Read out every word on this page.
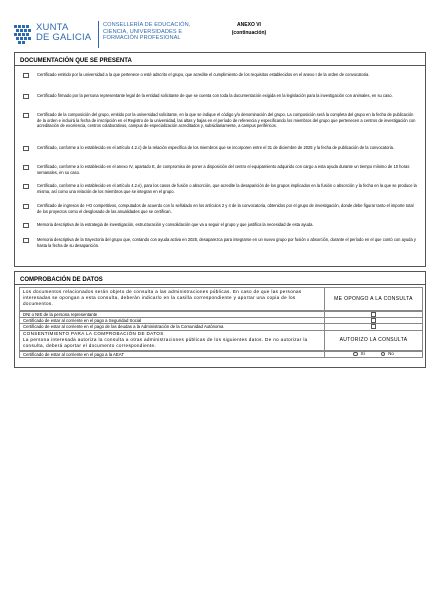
XUNTA
DE GALICIA
CONSELLERÍA DE EDUCACIÓN,
CIENCIA, UNIVERSIDADES E
FORMACIÓN PROFESIONAL
ANEXO VI
(continuación)
DOCUMENTACIÓN QUE SE PRESENTA
Certificado emitido por la universidad a la que pertenece o esté adscrito el grupo, que acredite el cumplimiento de los requisitos establecidos en el anexo I de la orden de convocatoria.
Certificado firmado por la persona representante legal de la entidad solicitante de que se cuenta con toda la documentación exigida en la legislación para la investigación con animales, en su caso.
Certificado de la composición del grupo, emitido por la universidad solicitante, en la que se indique el código y/o denominación del grupo. La composición será la completa del grupo en la fecha de publicación de la orden e incluirá la fecha de inscripción en el Registro de la universidad, las altas y bajas en el período de referencia y especificando los miembros del grupo que pertenecen a centros de investigación con acreditación de excelencia, centros colaborativos, campus de especialización acreditados y, subsidiariamente, a campus periféricos.
Certificado, conforme a lo establecido en el artículo 4.2.c) de la relación específica de los miembros que se incorporen entre el 31 de diciembre de 2025 y la fecha de publicación de la convocatoria.
Certificado, conforme a lo establecido en el anexo IV, apartado E, de compromiso de poner a disposición del centro el equipamiento adquirido con cargo a esta ayuda durante un tiempo mínimo de 10 horas semanales, en su caso.
Certificado, conforme a lo establecido en el artículo 4.2.e), para los casos de fusión o absorción, que acredite la desaparición de los grupos implicados en la fusión o absorción y la fecha en la que se produce la misma, así como una relación de los miembros que se integran en el grupo.
Certificado de ingresos de I+D competitivos, computados de acuerdo con lo señalado en los artículos 2 y 4 de la convocatoria, obtenidos por el grupo de investigación, donde debe figurar tanto el importe total de los proyectos como el desglosado de las anualidades que se certifican.
Memoria descriptiva de la estrategia de investigación, estructuración y consolidación que va a seguir el grupo y que justifica la necesidad de esta ayuda.
Memoria descriptiva de la trayectoria del grupo que, contando con ayuda activa en 2025, desaparezca para integrarse en un nuevo grupo por fusión o absorción, durante el período en el que contó con ayuda y hasta la fecha de su desaparición.
COMPROBACIÓN DE DATOS
Los documentos relacionados serán objeto de consulta a las administraciones públicas. En caso de que las personas interesadas se opongan a esta consulta, deberán indicarlo en la casilla correspondiente y aportar una copia de los documentos.
ME OPONGO A LA CONSULTA
DNI o NIE de la persona representante
Certificado de estar al corriente en el pago a Seguridad Social
Certificado de estar al corriente en el pago de las deudas a la Administración de la Comunidad Autónoma
CONSENTIMIENTO PARA LA COMPROBACIÓN DE DATOS
La persona interesada autoriza la consulta a otras administraciones públicas de los siguientes datos. De no autorizar la consulta, deberá aportar el documento correspondiente.
AUTORIZO LA CONSULTA
Certificado de estar al corriente en el pago a la AEAT	Sí	No
